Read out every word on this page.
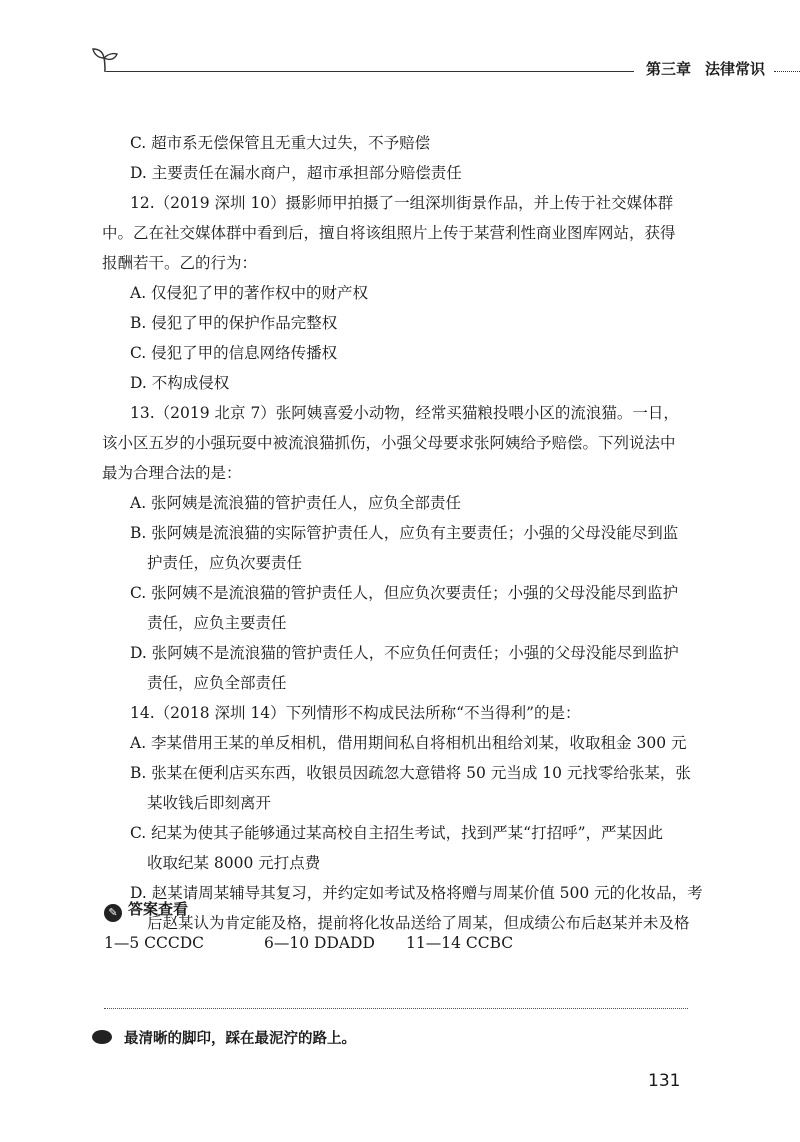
第三章 法律常识
C. 超市系无偿保管且无重大过失，不予赔偿
D. 主要责任在漏水商户，超市承担部分赔偿责任
12.（2019 深圳 10）摄影师甲拍摄了一组深圳街景作品，并上传于社交媒体群
中。乙在社交媒体群中看到后，擅自将该组照片上传于某营利性商业图库网站，获得
报酬若干。乙的行为：
A. 仅侵犯了甲的著作权中的财产权
B. 侵犯了甲的保护作品完整权
C. 侵犯了甲的信息网络传播权
D. 不构成侵权
13.（2019 北京 7）张阿姨喜爱小动物，经常买猫粮投喂小区的流浪猫。一日，
该小区五岁的小强玩耍中被流浪猫抓伤，小强父母要求张阿姨给予赔偿。下列说法中
最为合理合法的是：
A. 张阿姨是流浪猫的管护责任人，应负全部责任
B. 张阿姨是流浪猫的实际管护责任人，应负有主要责任；小强的父母没能尽到监
护责任，应负次要责任
C. 张阿姨不是流浪猫的管护责任人，但应负次要责任；小强的父母没能尽到监护
责任，应负主要责任
D. 张阿姨不是流浪猫的管护责任人，不应负任何责任；小强的父母没能尽到监护
责任，应负全部责任
14.（2018 深圳 14）下列情形不构成民法所称“不当得利”的是：
A. 李某借用王某的单反相机，借用期间私自将相机出租给刘某，收取租金 300 元
B. 张某在便利店买东西，收银员因疏忽大意错将 50 元当成 10 元找零给张某，张
某收钱后即刻离开
C. 纪某为使其子能够通过某高校自主招生考试，找到严某“打招呼”，严某因此
收取纪某 8000 元打点费
D. 赵某请周某辅导其复习，并约定如考试及格将赠与周某价值 500 元的化妆品，考
后赵某认为肯定能及格，提前将化妆品送给了周某，但成绩公布后赵某并未及格
✎ 答案查看
1—5 CCCDC	6—10 DDADD 11—14 CCBC
最清晰的脚印，踩在最泥泞的路上。
131
